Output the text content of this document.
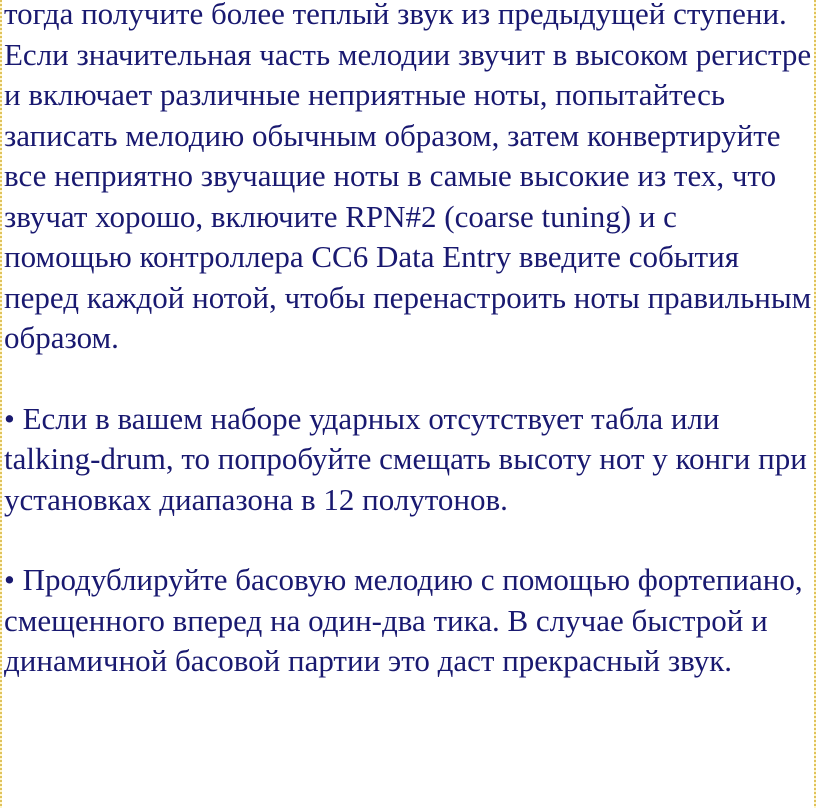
тогда получите более теплый звук из предыдущей ступени. Если значительная часть мелодии звучит в высоком регистре и включает различные неприятные ноты, попытайтесь записать мелодию обычным образом, затем конвертируйте все неприятно звучащие ноты в самые высокие из тех, что звучат хорошо, включите RPN#2 (coarse tuning) и с помощью контроллера CC6 Data Entry введите события перед каждой нотой, чтобы перенастроить ноты правильным образом.

• Если в вашем наборе ударных отсутствует табла или talking-drum, то попробуйте смещать высоту нот у конги при установках диапазона в 12 полутонов.

• Продублируйте басовую мелодию с помощью фортепиано, смещенного вперед на один-два тика. В случае быстрой и динамичной басовой партии это даст прекрасный звук.
